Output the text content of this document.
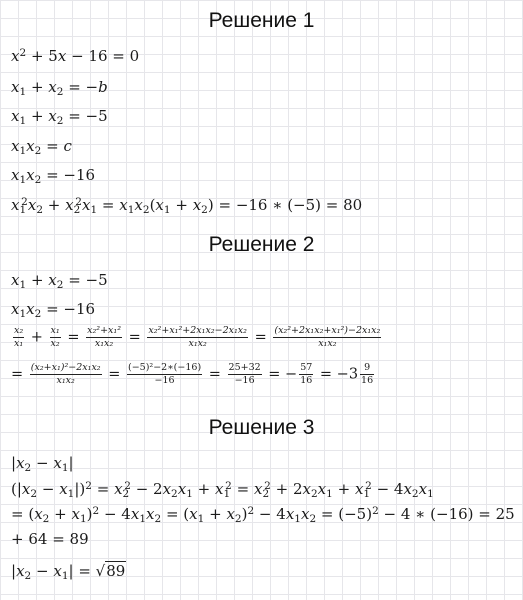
Решение 1
$x^2 + 5x - 16 = 0$
$x_1 + x_2 = -b$
$x_1 + x_2 = -5$
$x_1x_2 = c$
$x_1x_2 = -16$
$x_1^2x_2 + x_2^2x_1 = x_1x_2(x_1 + x_2) = -16$ ∗ (−5) = 80
Решение 2
$x_1 + x_2 = -5$
$x_1x_2 = -16$
$\frac{\text{x₂}}{\text{x₁}} + \frac{\text{x₁}}{\text{x₂}} = \frac{\text{x₂²+x₁²}}{\text{x₁x₂}} = \frac{\text{x₂²+x₁²+2x₁x₂−2x₁x₂}}{\text{x₁x₂}} = \frac{\text{(x₂²+2x₁x₂+x₁²)−2x₁x₂}}{\text{x₁x₂}}$
= $\frac{\text{(x₂+x₁)²−2x₁x₂}}{\text{x₁x₂}} = \frac{\text{(−5)²−2∗(−16)}}{-16} = \frac{25+32}{-16}$ = − $\frac{57}{16} = -3 \frac{9}{16}$
Решение 3
$|x_2 - x_1|$
$(|x_2 - x_1|)^2 = x_2^2 - 2x_2x_1 + x_1^2 = x_2^2 + 2x_2x_1 + x_1^2 - 4x_2x_1$
= $(x_2 + x_1)^2 - 4x_1x_2 = (x_1 + x_2)^2 - 4x_1x_2 = (-5)^2 - 4$ ∗ (−16) = 25
+ 64 = 89
$|x_2 - x_1| = √89$
